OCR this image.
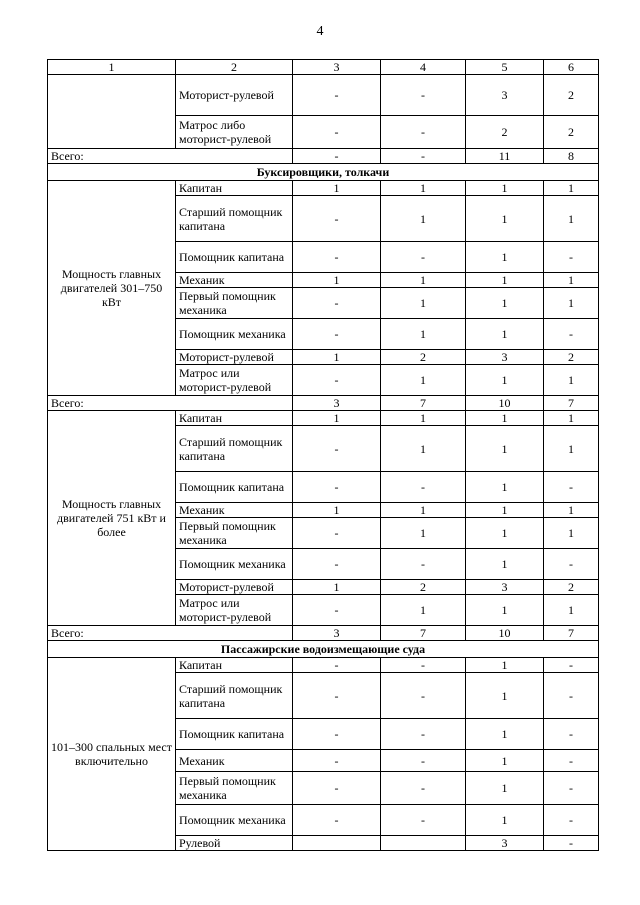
4
1	2	3	4	5	6
	Моторист-рулевой	-	-	3	2
	Матрос либо моторист-рулевой	-	-	2	2
Всего:		-	-	11	8
Буксировщики, толкачи					
Мощность главных двигателей 301–750 кВт	Капитан	1	1	1	1
	Старший помощник капитана	-	1	1	1
	Помощник капитана	-	-	1	-
	Механик	1	1	1	1
	Первый помощник механика	-	1	1	1
	Помощник механика	-	1	1	-
	Моторист-рулевой	1	2	3	2
	Матрос или моторист-рулевой	-	1	1	1
Всего:		3	7	10	7
Мощность главных двигателей 751 кВт и более	Капитан	1	1	1	1
	Старший помощник капитана	-	1	1	1
	Помощник капитана	-	-	1	-
	Механик	1	1	1	1
	Первый помощник механика	-	1	1	1
	Помощник механика	-	-	1	-
	Моторист-рулевой	1	2	3	2
	Матрос или моторист-рулевой	-	1	1	1
Всего:		3	7	10	7
Пассажирские водоизмещающие суда					
101–300 спальных мест включительно	Капитан	-	-	1	-
	Старший помощник капитана	-	-	1	-
	Помощник капитана	-	-	1	-
	Механик	-	-	1	-
	Первый помощник механика	-	-	1	-
	Помощник механика	-	-	1	-
	Рулевой			3	-
